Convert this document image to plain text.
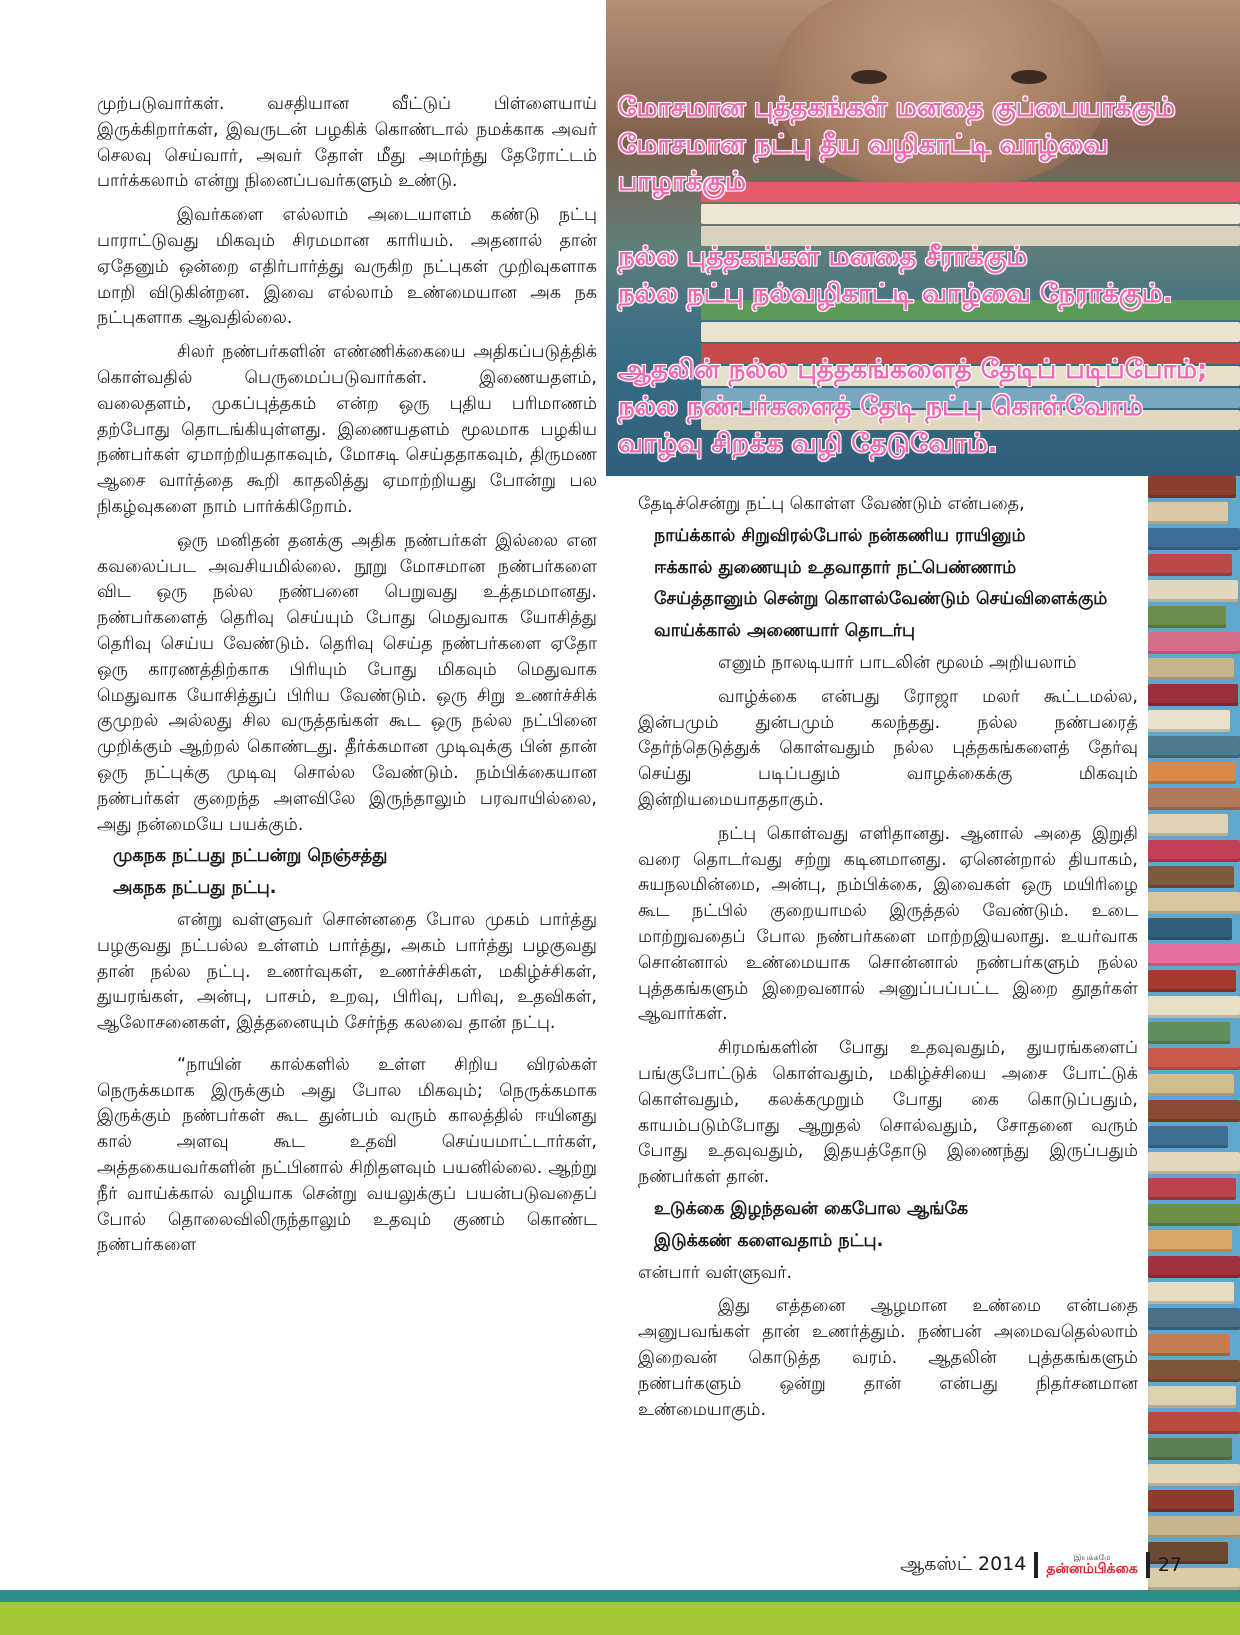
மோசமான புத்தகங்கள் மனதை குப்பையாக்கும்

மோசமான நட்பு தீய வழிகாட்டி வாழ்வை

பாழாக்கும்

நல்ல புத்தகங்கள் மனதை சீராக்கும்

நல்ல நட்பு நல்வழிகாட்டி வாழ்வை நேராக்கும்.

ஆதலின் நல்ல புத்தகங்களைத் தேடிப் படிப்போம்;

நல்ல நண்பர்களைத் தேடி நட்பு கொள்வோம்

வாழ்வு சிறக்க வழி தேடுவோம்.

முற்படுவார்கள். வசதியான வீட்டுப் பிள்ளையாய் இருக்கிறார்கள், இவருடன் பழகிக் கொண்டால் நமக்காக அவர் செலவு செய்வார், அவர் தோள் மீது அமர்ந்து தேரோட்டம் பார்க்கலாம் என்று நினைப்பவர்களும் உண்டு.

இவர்களை எல்லாம் அடையாளம் கண்டு நட்பு பாராட்டுவது மிகவும் சிரமமான காரியம். அதனால் தான் ஏதேனும் ஒன்றை எதிர்பார்த்து வருகிற நட்புகள் முறிவுகளாக மாறி விடுகின்றன. இவை எல்லாம் உண்மையான அக நக நட்புகளாக ஆவதில்லை.

சிலர் நண்பர்களின் எண்ணிக்கையை அதிகப்படுத்திக் கொள்வதில் பெருமைப்படுவார்கள். இணையதளம், வலைதளம், முகப்புத்தகம் என்ற ஒரு புதிய பரிமாணம் தற்போது தொடங்கியுள்ளது. இணையதளம் மூலமாக பழகிய நண்பர்கள் ஏமாற்றியதாகவும், மோசடி செய்ததாகவும், திருமண ஆசை வார்த்தை கூறி காதலித்து ஏமாற்றியது போன்று பல நிகழ்வுகளை நாம் பார்க்கிறோம்.

ஒரு மனிதன் தனக்கு அதிக நண்பர்கள் இல்லை என கவலைப்பட அவசியமில்லை. நூறு மோசமான நண்பர்களை விட ஒரு நல்ல நண்பனை பெறுவது உத்தமமானது. நண்பர்களைத் தெரிவு செய்யும் போது மெதுவாக யோசித்து தெரிவு செய்ய வேண்டும். தெரிவு செய்த நண்பர்களை ஏதோ ஒரு காரணத்திற்காக பிரியும் போது மிகவும் மெதுவாக மெதுவாக யோசித்துப் பிரிய வேண்டும். ஒரு சிறு உணர்ச்சிக் குமுறல் அல்லது சில வருத்தங்கள் கூட ஒரு நல்ல நட்பினை முறிக்கும் ஆற்றல் கொண்டது. தீர்க்கமான முடிவுக்கு பின் தான் ஒரு நட்புக்கு முடிவு சொல்ல வேண்டும். நம்பிக்கையான நண்பர்கள் குறைந்த அளவிலே இருந்தாலும் பரவாயில்லை, அது நன்மையே பயக்கும்.

முகநக நட்பது நட்பன்று நெஞ்சத்து

அகநக நட்பது நட்பு.

என்று வள்ளுவர் சொன்னதை போல முகம் பார்த்து பழகுவது நட்பல்ல உள்ளம் பார்த்து, அகம் பார்த்து பழகுவது தான் நல்ல நட்பு. உணர்வுகள், உணர்ச்சிகள், மகிழ்ச்சிகள், துயரங்கள், அன்பு, பாசம், உறவு, பிரிவு, பரிவு, உதவிகள், ஆலோசனைகள், இத்தனையும் சேர்ந்த கலவை தான் நட்பு.

“நாயின் கால்களில் உள்ள சிறிய விரல்கள் நெருக்கமாக இருக்கும் அது போல மிகவும்; நெருக்கமாக இருக்கும் நண்பர்கள் கூட துன்பம் வரும் காலத்தில் ஈயினது கால் அளவு கூட உதவி செய்யமாட்டார்கள், அத்தகையவர்களின் நட்பினால் சிறிதளவும் பயனில்லை. ஆற்று நீர் வாய்க்கால் வழியாக சென்று வயலுக்குப் பயன்படுவதைப் போல் தொலைவிலிருந்தாலும் உதவும் குணம் கொண்ட நண்பர்களை

தேடிச்சென்று நட்பு கொள்ள வேண்டும் என்பதை,

நாய்க்கால் சிறுவிரல்போல் நன்கணிய ராயினும்

ஈக்கால் துணையும் உதவாதார் நட்பெண்ணாம்

சேய்த்தானும் சென்று கொளல்வேண்டும் செய்விளைக்கும்

வாய்க்கால் அணையார் தொடர்பு

எனும் நாலடியார் பாடலின் மூலம் அறியலாம்

வாழ்க்கை என்பது ரோஜா மலர் கூட்டமல்ல, இன்பமும் துன்பமும் கலந்தது. நல்ல நண்பரைத் தேர்ந்தெடுத்துக் கொள்வதும் நல்ல புத்தகங்களைத் தேர்வு செய்து படிப்பதும் வாழக்கைக்கு மிகவும் இன்றியமையாததாகும்.

நட்பு கொள்வது எளிதானது. ஆனால் அதை இறுதி வரை தொடர்வது சற்று கடினமானது. ஏனென்றால் தியாகம், சுயநலமின்மை, அன்பு, நம்பிக்கை, இவைகள் ஒரு மயிரிழை கூட நட்பில் குறையாமல் இருத்தல் வேண்டும். உடை மாற்றுவதைப் போல நண்பர்களை மாற்றஇயலாது. உயர்வாக சொன்னால் உண்மையாக சொன்னால் நண்பர்களும் நல்ல புத்தகங்களும் இறைவனால் அனுப்பப்பட்ட இறை தூதர்கள் ஆவார்கள்.

சிரமங்களின் போது உதவுவதும், துயரங்களைப் பங்குபோட்டுக் கொள்வதும், மகிழ்ச்சியை அசை போட்டுக் கொள்வதும், கலக்கமுறும் போது கை கொடுப்பதும், காயம்படும்போது ஆறுதல் சொல்வதும், சோதனை வரும் போது உதவுவதும், இதயத்தோடு இணைந்து இருப்பதும் நண்பர்கள் தான்.

உடுக்கை இழந்தவன் கைபோல ஆங்கே

இடுக்கண் களைவதாம் நட்பு.

என்பார் வள்ளுவர்.

இது எத்தனை ஆழமான உண்மை என்பதை அனுபவங்கள் தான் உணர்த்தும். நண்பன் அமைவதெல்லாம் இறைவன் கொடுத்த வரம். ஆதலின் புத்தகங்களும் நண்பர்களும் ஒன்று தான் என்பது நிதர்சனமான உண்மையாகும்.

ஆகஸ்ட் 2014	இயக்கமே
தன்னம்பிக்கை 27
